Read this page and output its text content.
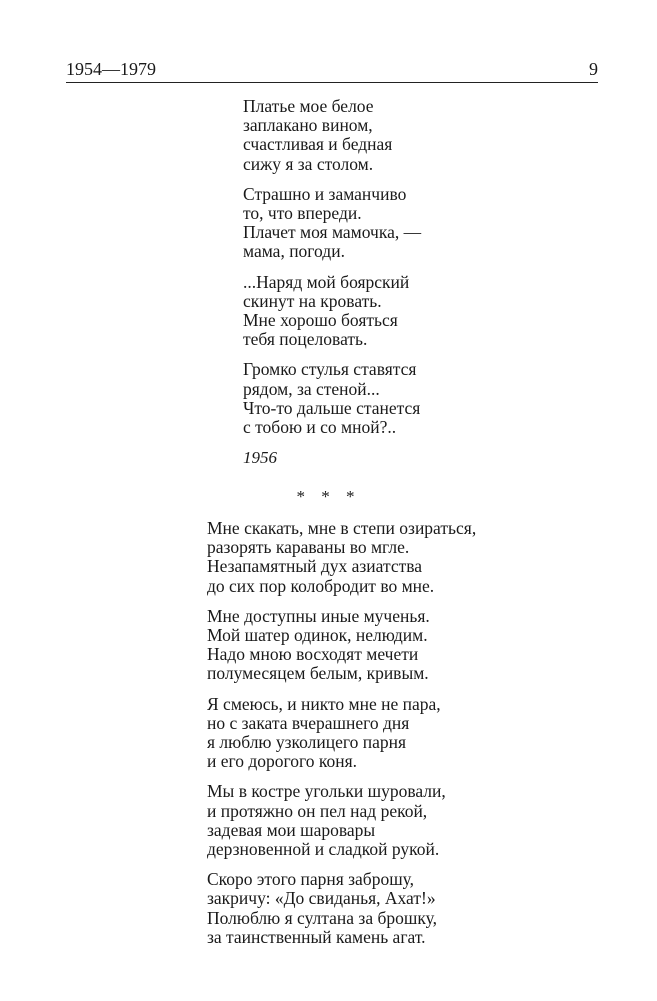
1954—1979	9
Платье мое белое
заплакано вином,
счастливая и бедная
сижу я за столом.
Страшно и заманчиво
то, что впереди.
Плачет моя мамочка, —
мама, погоди.
...Наряд мой боярский
скинут на кровать.
Мне хорошо бояться
тебя поцеловать.
Громко стулья ставятся
рядом, за стеной...
Что-то дальше станется
с тобою и со мной?..
1956
* * *
Мне скакать, мне в степи озираться,
разорять караваны во мгле.
Незапамятный дух азиатства
до сих пор колобродит во мне.
Мне доступны иные мученья.
Мой шатер одинок, нелюдим.
Надо мною восходят мечети
полумесяцем белым, кривым.
Я смеюсь, и никто мне не пара,
но с заката вчерашнего дня
я люблю узколицего парня
и его дорогого коня.
Мы в костре угольки шуровали,
и протяжно он пел над рекой,
задевая мои шаровары
дерзновенной и сладкой рукой.
Скоро этого парня заброшу,
закричу: «До свиданья, Ахат!»
Полюблю я султана за брошку,
за таинственный камень агат.
